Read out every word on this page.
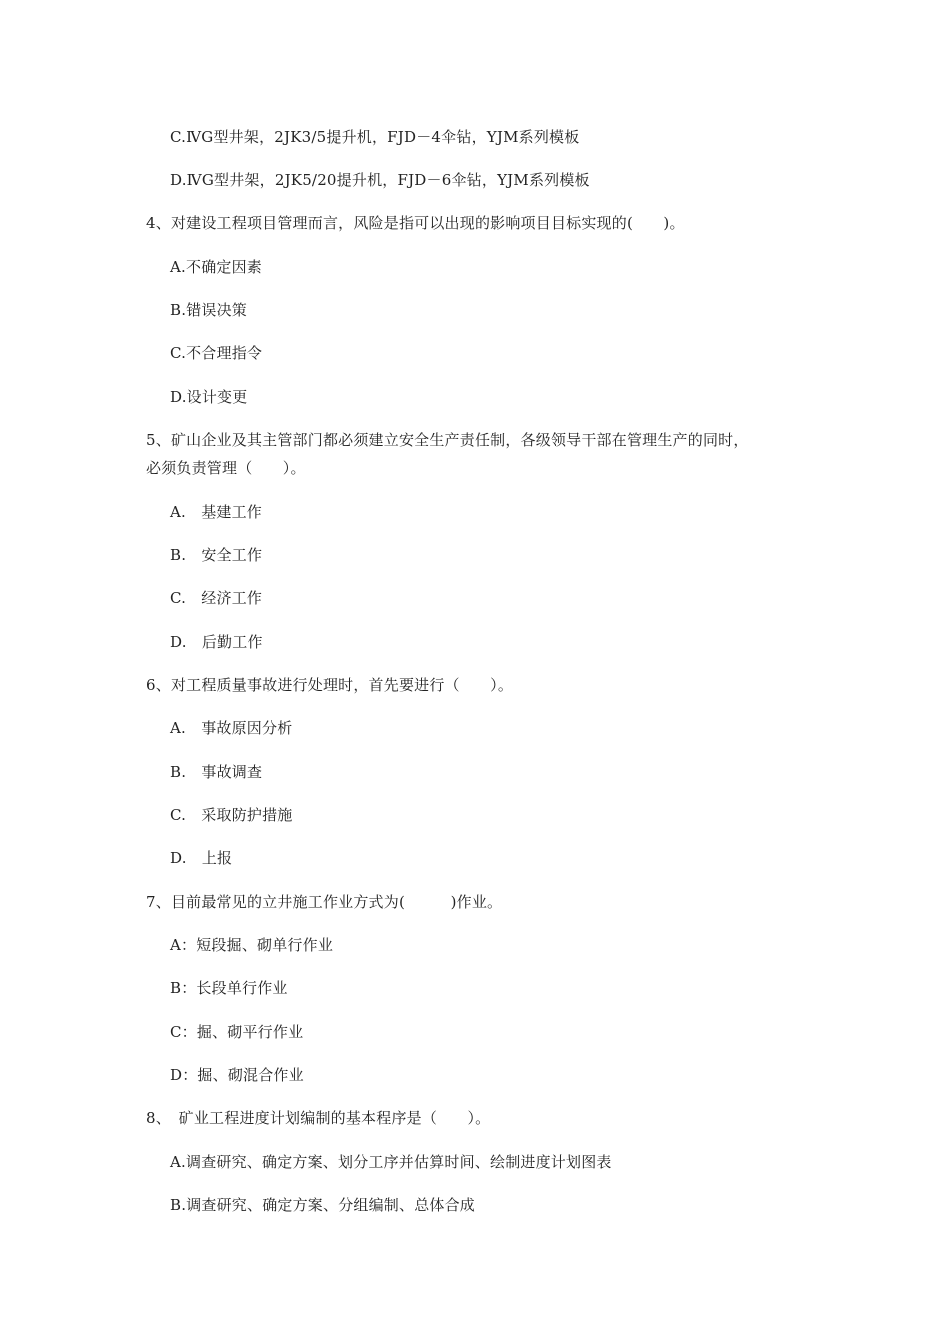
C.ⅣG型井架，2JK3/5提升机，FJD－4伞钻，YJM系列模板
D.ⅣG型井架，2JK5/20提升机，FJD－6伞钻，YJM系列模板
4、对建设工程项目管理而言，风险是指可以出现的影响项目目标实现的(　　)。
A.不确定因素
B.错误决策
C.不合理指令
D.设计变更
5、矿山企业及其主管部门都必须建立安全生产责任制，各级领导干部在管理生产的同时，
必须负责管理（　　）。
A.　基建工作
B.　安全工作
C.　经济工作
D.　后勤工作
6、对工程质量事故进行处理时，首先要进行（　　）。
A.　事故原因分析
B.　事故调查
C.　采取防护措施
D.　上报
7、目前最常见的立井施工作业方式为(　　　)作业。
A：短段掘、砌单行作业
B：长段单行作业
C：掘、砌平行作业
D：掘、砌混合作业
8、　矿业工程进度计划编制的基本程序是（　　）。
A.调查研究、确定方案、划分工序并估算时间、绘制进度计划图表
B.调查研究、确定方案、分组编制、总体合成
